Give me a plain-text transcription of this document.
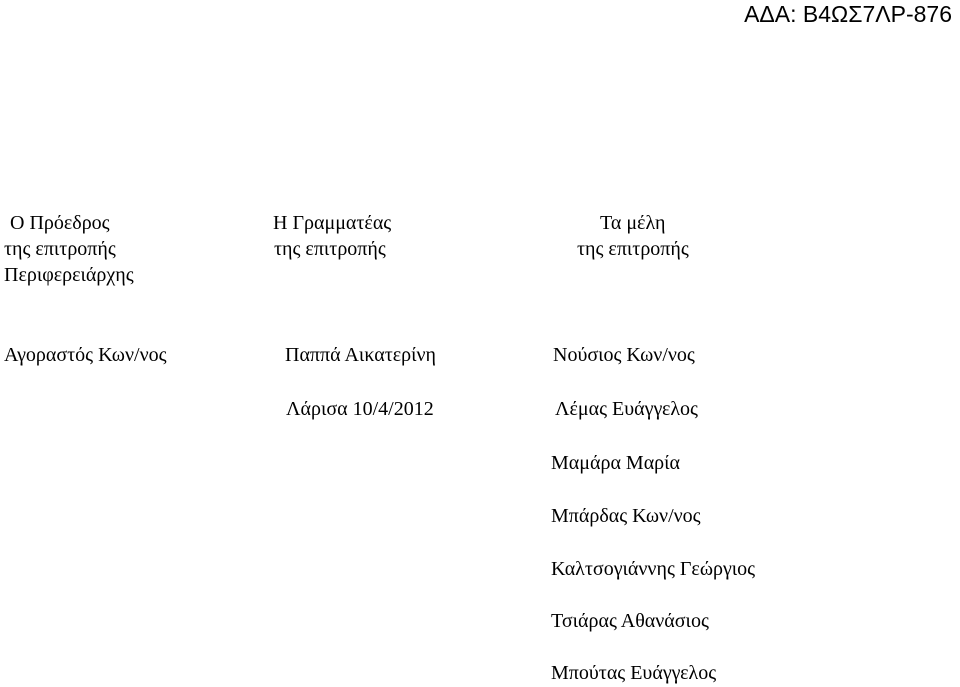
ΑΔΑ: Β4ΩΣ7ΛΡ-876
Ο Πρόεδρος
της επιτροπής
Περιφερειάρχης
Αγοραστός Κων/νος
Η Γραμματέας
της επιτροπής
Παππά Αικατερίνη
Λάρισα 10/4/2012
Τα μέλη
της επιτροπής
Νούσιος Κων/νος
Λέμας Ευάγγελος
Μαμάρα Μαρία
Μπάρδας Κων/νος
Καλτσογιάννης Γεώργιος
Τσιάρας Αθανάσιος
Μπούτας Ευάγγελος
